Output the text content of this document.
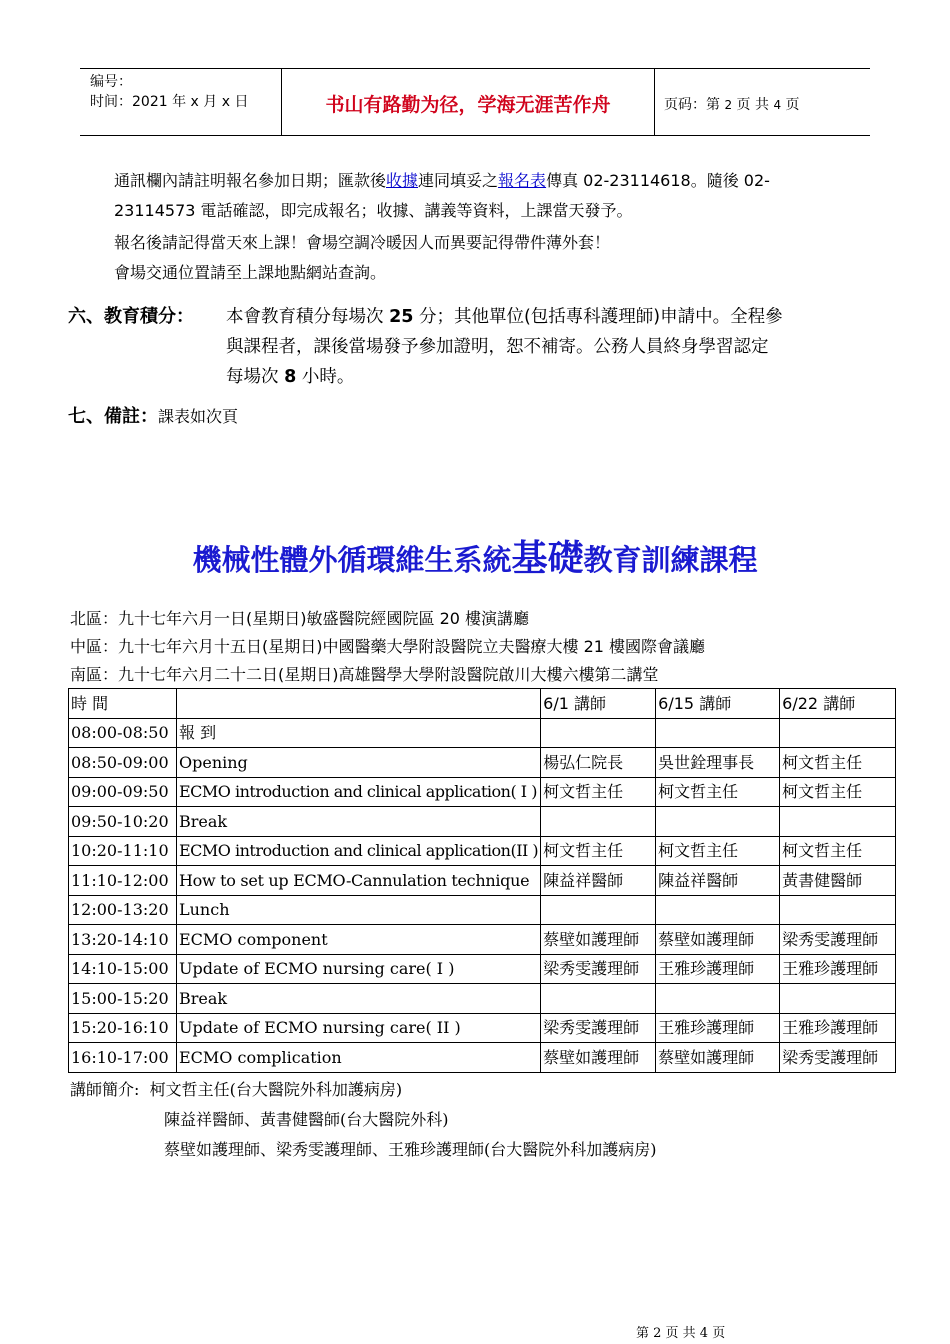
编号：
时间：2021 年 x 月 x 日	书山有路勤为径，学海无涯苦作舟	页码：第 2 页 共 4 页
通訊欄內請註明報名參加日期；匯款後收據連同填妥之報名表傳真 02-23114618。隨後 02-
23114573 電話確認，即完成報名；收據、講義等資料，上課當天發予。
報名後請記得當天來上課！會場空調冷暖因人而異要記得帶件薄外套！
會場交通位置請至上課地點網站查詢。
六、教育積分： 本會教育積分每場次 25 分；其他單位(包括專科護理師)申請中。全程參
與課程者，課後當場發予參加證明，恕不補寄。公務人員終身學習認定
每場次 8 小時。
七、備註：課表如次頁
機械性體外循環維生系統基礎教育訓練課程
北區：九十七年六月一日(星期日)敏盛醫院經國院區 20 樓演講廳
中區：九十七年六月十五日(星期日)中國醫藥大學附設醫院立夫醫療大樓 21 樓國際會議廳
南區：九十七年六月二十二日(星期日)高雄醫學大學附設醫院啟川大樓六樓第二講堂
時 間		6/1 講師	6/15 講師	6/22 講師
08:00-08:50	報 到			
08:50-09:00	Opening	楊弘仁院長	吳世銓理事長	柯文哲主任
09:00-09:50	ECMO introduction and clinical application( I )	柯文哲主任	柯文哲主任	柯文哲主任
09:50-10:20	Break			
10:20-11:10	ECMO introduction and clinical application(II )	柯文哲主任	柯文哲主任	柯文哲主任
11:10-12:00	How to set up ECMO-Cannulation technique	陳益祥醫師	陳益祥醫師	黃書健醫師
12:00-13:20	Lunch			
13:20-14:10	ECMO component	蔡壁如護理師	蔡壁如護理師	梁秀雯護理師
14:10-15:00	Update of ECMO nursing care( I )	梁秀雯護理師	王雅珍護理師	王雅珍護理師
15:00-15:20	Break			
15:20-16:10	Update of ECMO nursing care( II )	梁秀雯護理師	王雅珍護理師	王雅珍護理師
16:10-17:00	ECMO complication	蔡壁如護理師	蔡壁如護理師	梁秀雯護理師
講師簡介: 柯文哲主任(台大醫院外科加護病房)
陳益祥醫師、黃書健醫師(台大醫院外科)
蔡壁如護理師、梁秀雯護理師、王雅珍護理師(台大醫院外科加護病房)
第 2 页 共 4 页
